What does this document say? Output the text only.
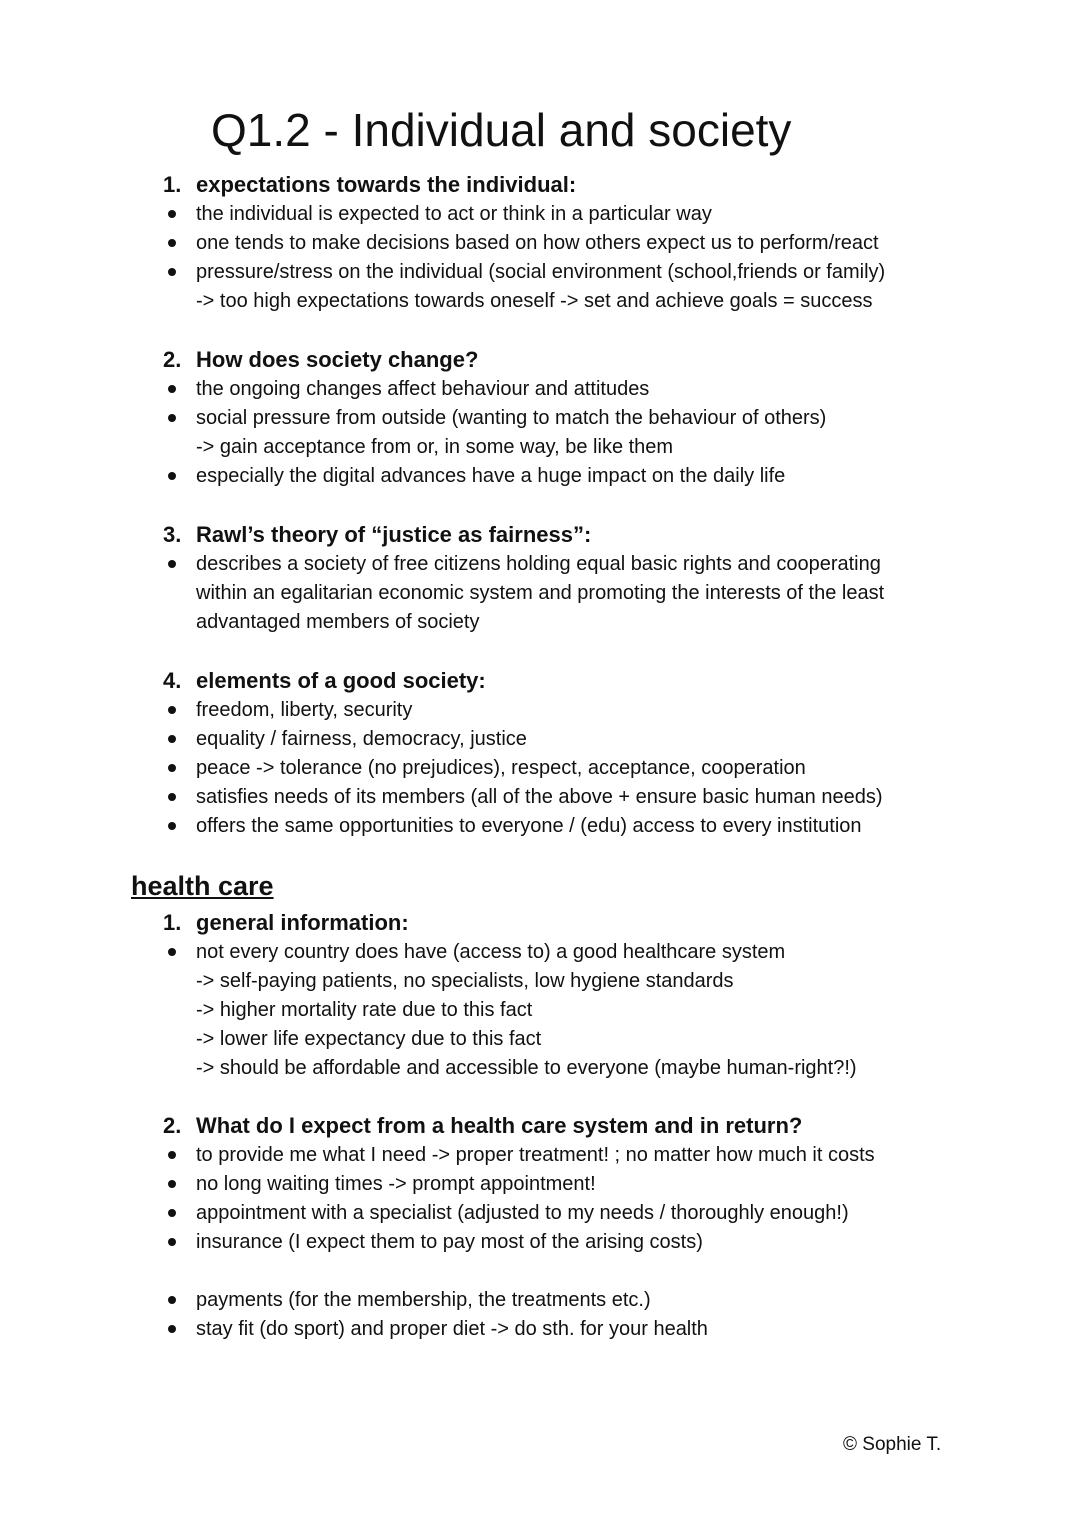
Q1.2 - Individual and society
1. expectations towards the individual:

the individual is expected to act or think in a particular way

one tends to make decisions based on how others expect us to perform/react

pressure/stress on the individual (social environment (school,friends or family)

-> too high expectations towards oneself -> set and achieve goals = success

2. How does society change?

the ongoing changes affect behaviour and attitudes

social pressure from outside (wanting to match the behaviour of others)

-> gain acceptance from or, in some way, be like them

especially the digital advances have a huge impact on the daily life

3. Rawl’s theory of “justice as fairness”:

describes a society of free citizens holding equal basic rights and cooperating

within an egalitarian economic system and promoting the interests of the least

advantaged members of society

4. elements of a good society:

freedom, liberty, security

equality / fairness, democracy, justice

peace -> tolerance (no prejudices), respect, acceptance, cooperation

satisfies needs of its members (all of the above + ensure basic human needs)

offers the same opportunities to everyone / (edu) access to every institution

health care
1. general information:

not every country does have (access to) a good healthcare system

-> self-paying patients, no specialists, low hygiene standards

-> higher mortality rate due to this fact

-> lower life expectancy due to this fact

-> should be affordable and accessible to everyone (maybe human-right?!)

2. What do I expect from a health care system and in return?

to provide me what I need -> proper treatment! ; no matter how much it costs

no long waiting times -> prompt appointment!

appointment with a specialist (adjusted to my needs / thoroughly enough!)

insurance (I expect them to pay most of the arising costs)

payments (for the membership, the treatments etc.)

stay fit (do sport) and proper diet -> do sth. for your health

© Sophie T.
